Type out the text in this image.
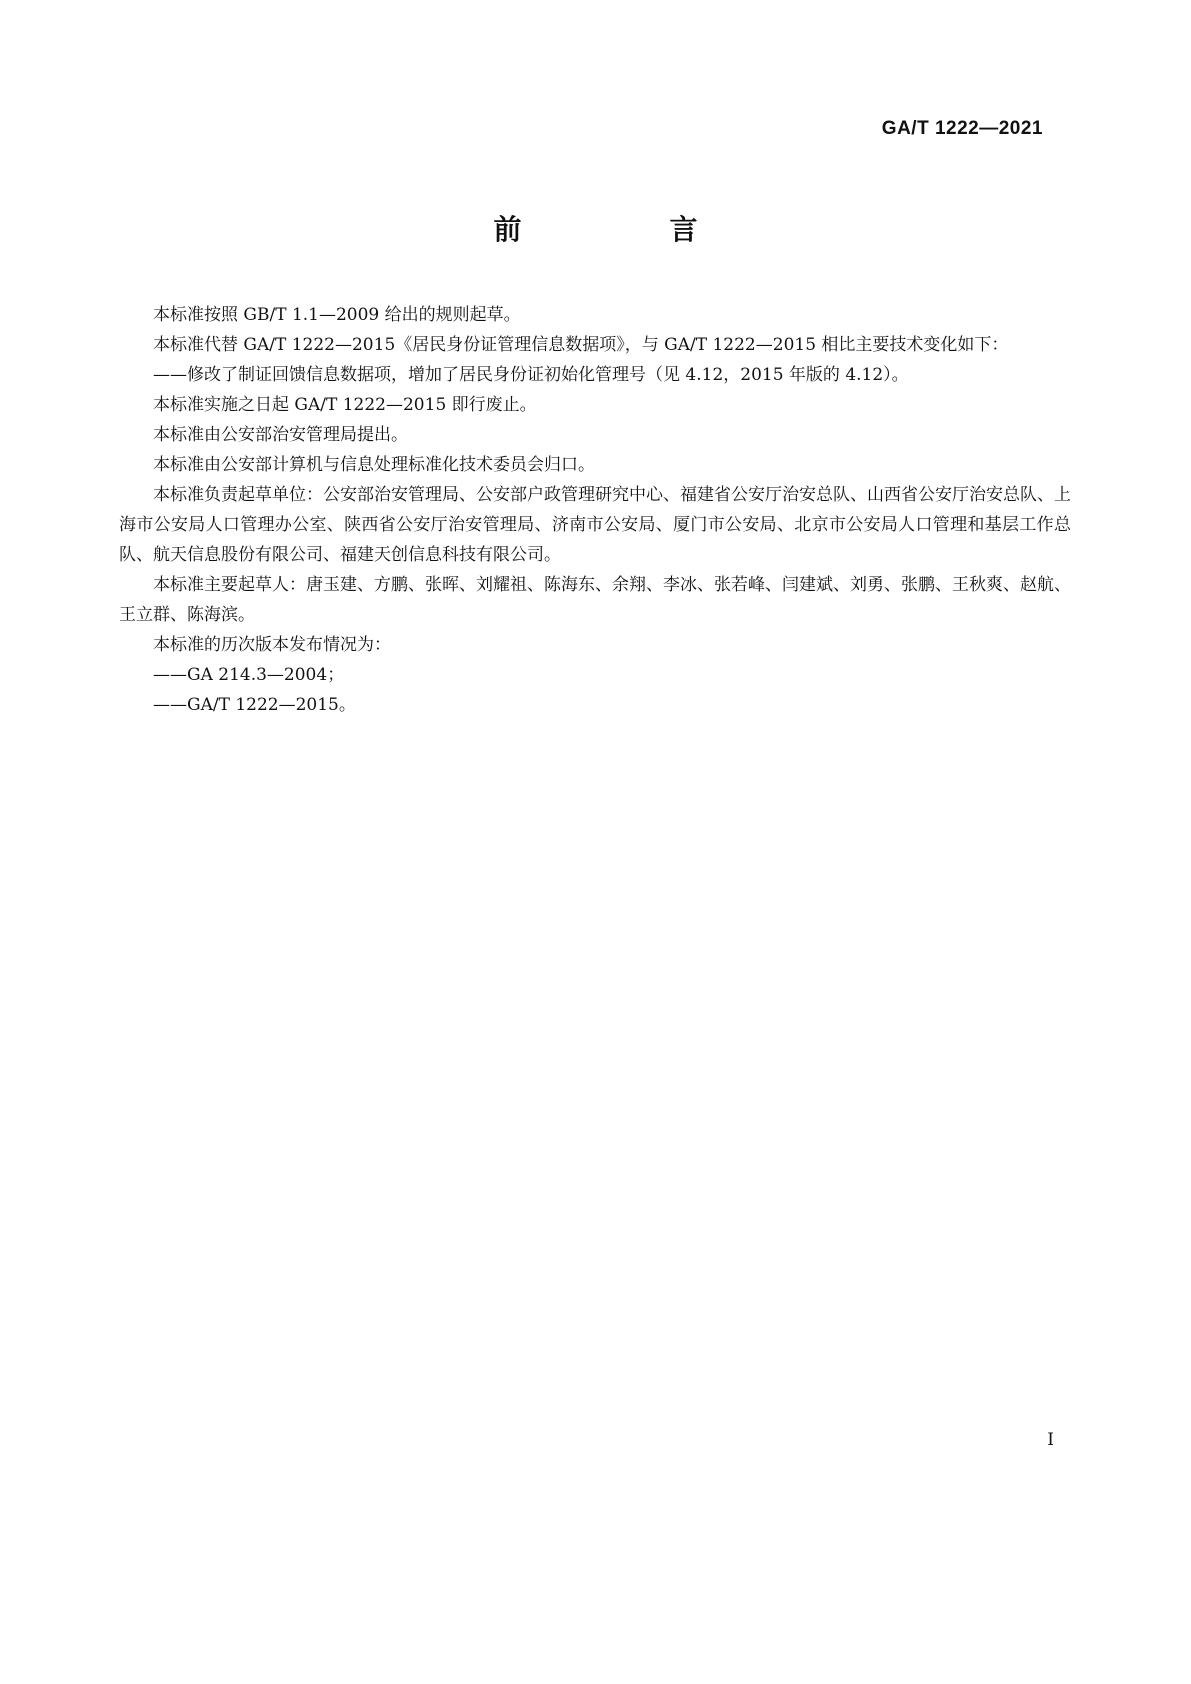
GA/T 1222—2021
前　言

本标准按照 GB/T 1.1—2009 给出的规则起草。

本标准代替 GA/T 1222—2015《居民身份证管理信息数据项》，与 GA/T 1222—2015 相比主要技术变化如下：

——修改了制证回馈信息数据项，增加了居民身份证初始化管理号（见 4.12，2015 年版的 4.12）。

本标准实施之日起 GA/T 1222—2015 即行废止。

本标准由公安部治安管理局提出。

本标准由公安部计算机与信息处理标准化技术委员会归口。

本标准负责起草单位：公安部治安管理局、公安部户政管理研究中心、福建省公安厅治安总队、山西省公安厅治安总队、上海市公安局人口管理办公室、陕西省公安厅治安管理局、济南市公安局、厦门市公安局、北京市公安局人口管理和基层工作总队、航天信息股份有限公司、福建天创信息科技有限公司。

本标准主要起草人：唐玉建、方鹏、张晖、刘耀祖、陈海东、余翔、李冰、张若峰、闫建斌、刘勇、张鹏、王秋爽、赵航、王立群、陈海滨。

本标准的历次版本发布情况为：

——GA 214.3—2004；

——GA/T 1222—2015。

I
